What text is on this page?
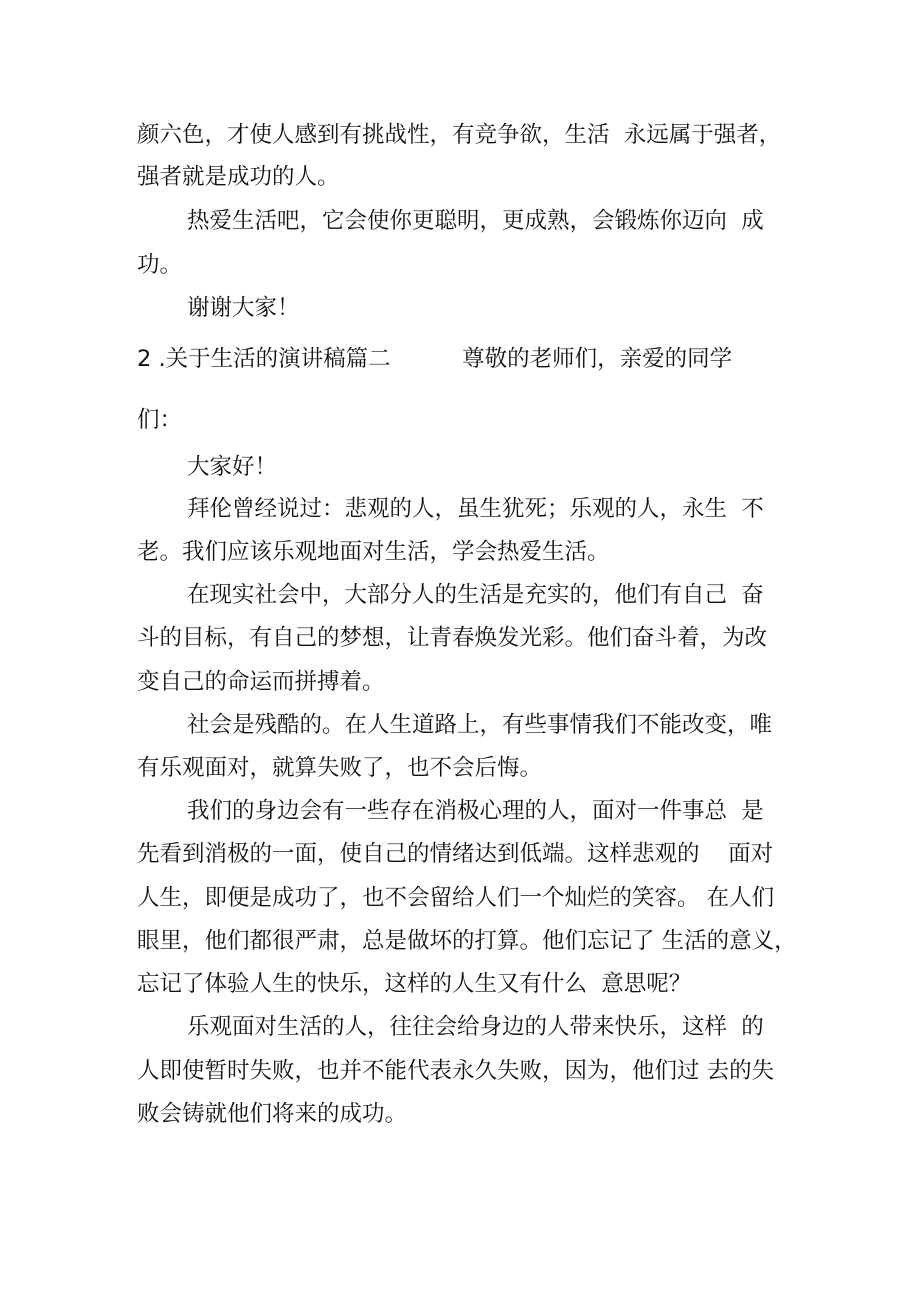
颜六色，才使人感到有挑战性，有竞争欲，生活  永远属于强者，
强者就是成功的人。
热爱生活吧，它会使你更聪明，更成熟，会锻炼你迈向  成
功。
谢谢大家！
2 .关于生活的演讲稿篇二          尊敬的老师们，亲爱的同学
们：
大家好！
拜伦曾经说过：悲观的人，虽生犹死；乐观的人，永生  不
老。我们应该乐观地面对生活，学会热爱生活。
在现实社会中，大部分人的生活是充实的，他们有自己  奋
斗的目标，有自己的梦想，让青春焕发光彩。他们奋斗着，为改
变自己的命运而拼搏着。
社会是残酷的。在人生道路上，有些事情我们不能改变，唯
有乐观面对，就算失败了，也不会后悔。
我们的身边会有一些存在消极心理的人，面对一件事总  是
先看到消极的一面，使自己的情绪达到低端。这样悲观的    面对
人生，即便是成功了，也不会留给人们一个灿烂的笑容。 在人们
眼里，他们都很严肃，总是做坏的打算。他们忘记了 生活的意义，
忘记了体验人生的快乐，这样的人生又有什么  意思呢？
乐观面对生活的人，往往会给身边的人带来快乐，这样  的
人即使暂时失败，也并不能代表永久失败，因为，他们过 去的失
败会铸就他们将来的成功。
